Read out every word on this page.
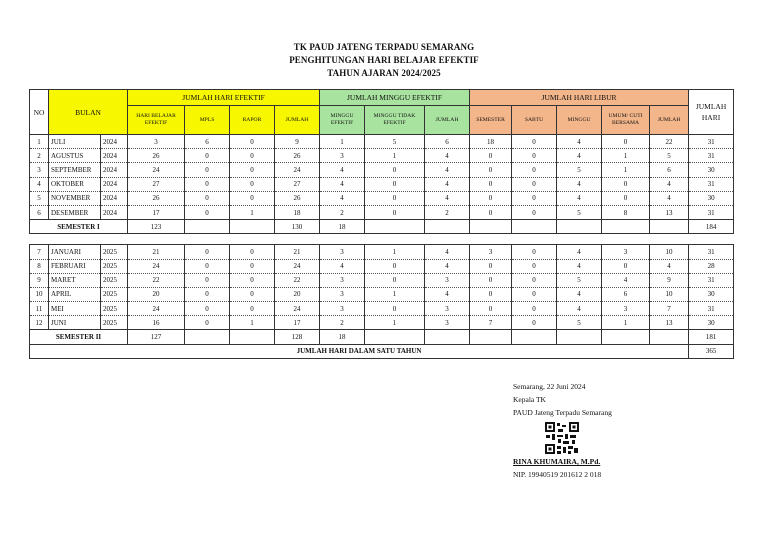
TK PAUD JATENG TERPADU SEMARANG
PENGHITUNGAN HARI BELAJAR EFEKTIF
TAHUN AJARAN 2024/2025
NO	BULAN		JUMLAH HARI EFEKTIF				JUMLAH MINGGU EFEKTIF			JUMLAH HARI LIBUR					JUMLAH HARI
			HARI BELAJAR EFEKTIF	MPLS	RAPOR	JUMLAH	MINGGU EFEKTIF	MINGGU TIDAK EFEKTIF	JUMLAH	SEMESTER	SABTU	MINGGU	UMUM/ CUTI BERSAMA	JUMLAH	
1	JULI	2024	3	6	0	9	1	5	6	18	0	4	0	22	31
2	AGUSTUS	2024	26	0	0	26	3	1	4	0	0	4	1	5	31
3	SEPTEMBER	2024	24	0	0	24	4	0	4	0	0	5	1	6	30
4	OKTOBER	2024	27	0	0	27	4	0	4	0	0	4	0	4	31
5	NOVEMBER	2024	26	0	0	26	4	0	4	0	0	4	0	4	30
6	DESEMBER	2024	17	0	1	18	2	0	2	0	0	5	8	13	31
SEMESTER I			123			130	18								184

7	JANUARI	2025	21	0	0	21	3	1	4	3	0	4	3	10	31
8	FEBRUARI	2025	24	0	0	24	4	0	4	0	0	4	0	4	28
9	MARET	2025	22	0	0	22	3	0	3	0	0	5	4	9	31
10	APRIL	2025	20	0	0	20	3	1	4	0	0	4	6	10	30
11	MEI	2025	24	0	0	24	3	0	3	0	0	4	3	7	31
12	JUNI	2025	16	0	1	17	2	1	3	7	0	5	1	13	30
SEMESTER II			127			128	18								181
JUMLAH HARI DALAM SATU TAHUN															365
Semarang, 22 Juni 2024
Kepala TK
PAUD Jateng Terpadu Semarang
RINA KHUMAIRA, M.Pd.
NIP. 19940519 201612 2 018
